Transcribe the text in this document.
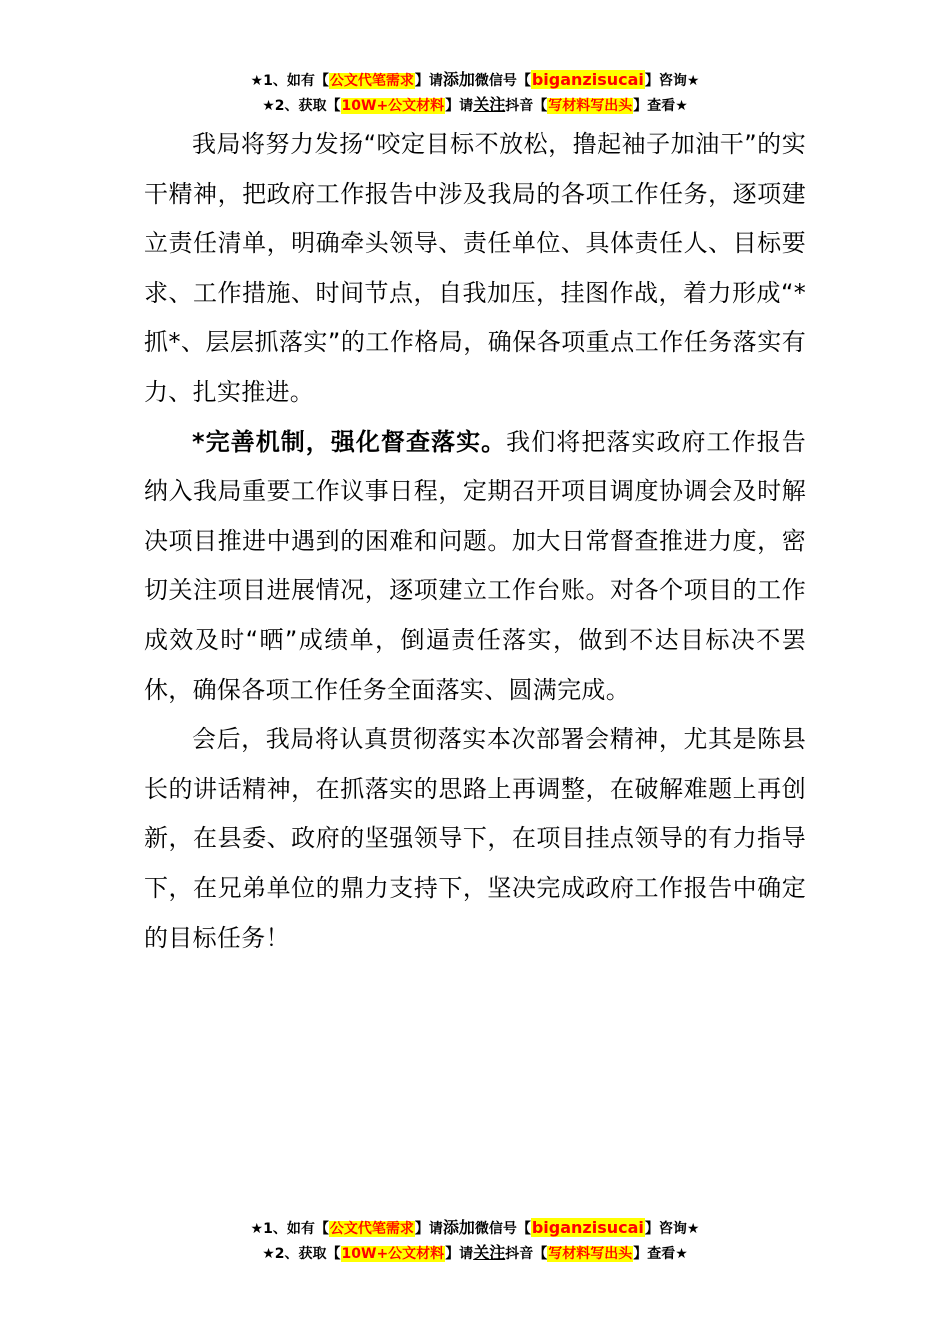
★1、如有【公文代笔需求】请添加微信号【biganzisucai】咨询★
★2、获取【10W+公文材料】请关注抖音【写材料写出头】查看★

我局将努力发扬“咬定目标不放松，撸起袖子加油干”的实干精神，把政府工作报告中涉及我局的各项工作任务，逐项建立责任清单，明确牵头领导、责任单位、具体责任人、目标要求、工作措施、时间节点，自我加压，挂图作战，着力形成“*抓*、层层抓落实”的工作格局，确保各项重点工作任务落实有力、扎实推进。

*完善机制，强化督查落实。我们将把落实政府工作报告纳入我局重要工作议事日程，定期召开项目调度协调会及时解决项目推进中遇到的困难和问题。加大日常督查推进力度，密切关注项目进展情况，逐项建立工作台账。对各个项目的工作成效及时“晒”成绩单，倒逼责任落实，做到不达目标决不罢休，确保各项工作任务全面落实、圆满完成。

会后，我局将认真贯彻落实本次部署会精神，尤其是陈县长的讲话精神，在抓落实的思路上再调整，在破解难题上再创新，在县委、政府的坚强领导下，在项目挂点领导的有力指导下，在兄弟单位的鼎力支持下，坚决完成政府工作报告中确定的目标任务！

★1、如有【公文代笔需求】请添加微信号【biganzisucai】咨询★
★2、获取【10W+公文材料】请关注抖音【写材料写出头】查看★
